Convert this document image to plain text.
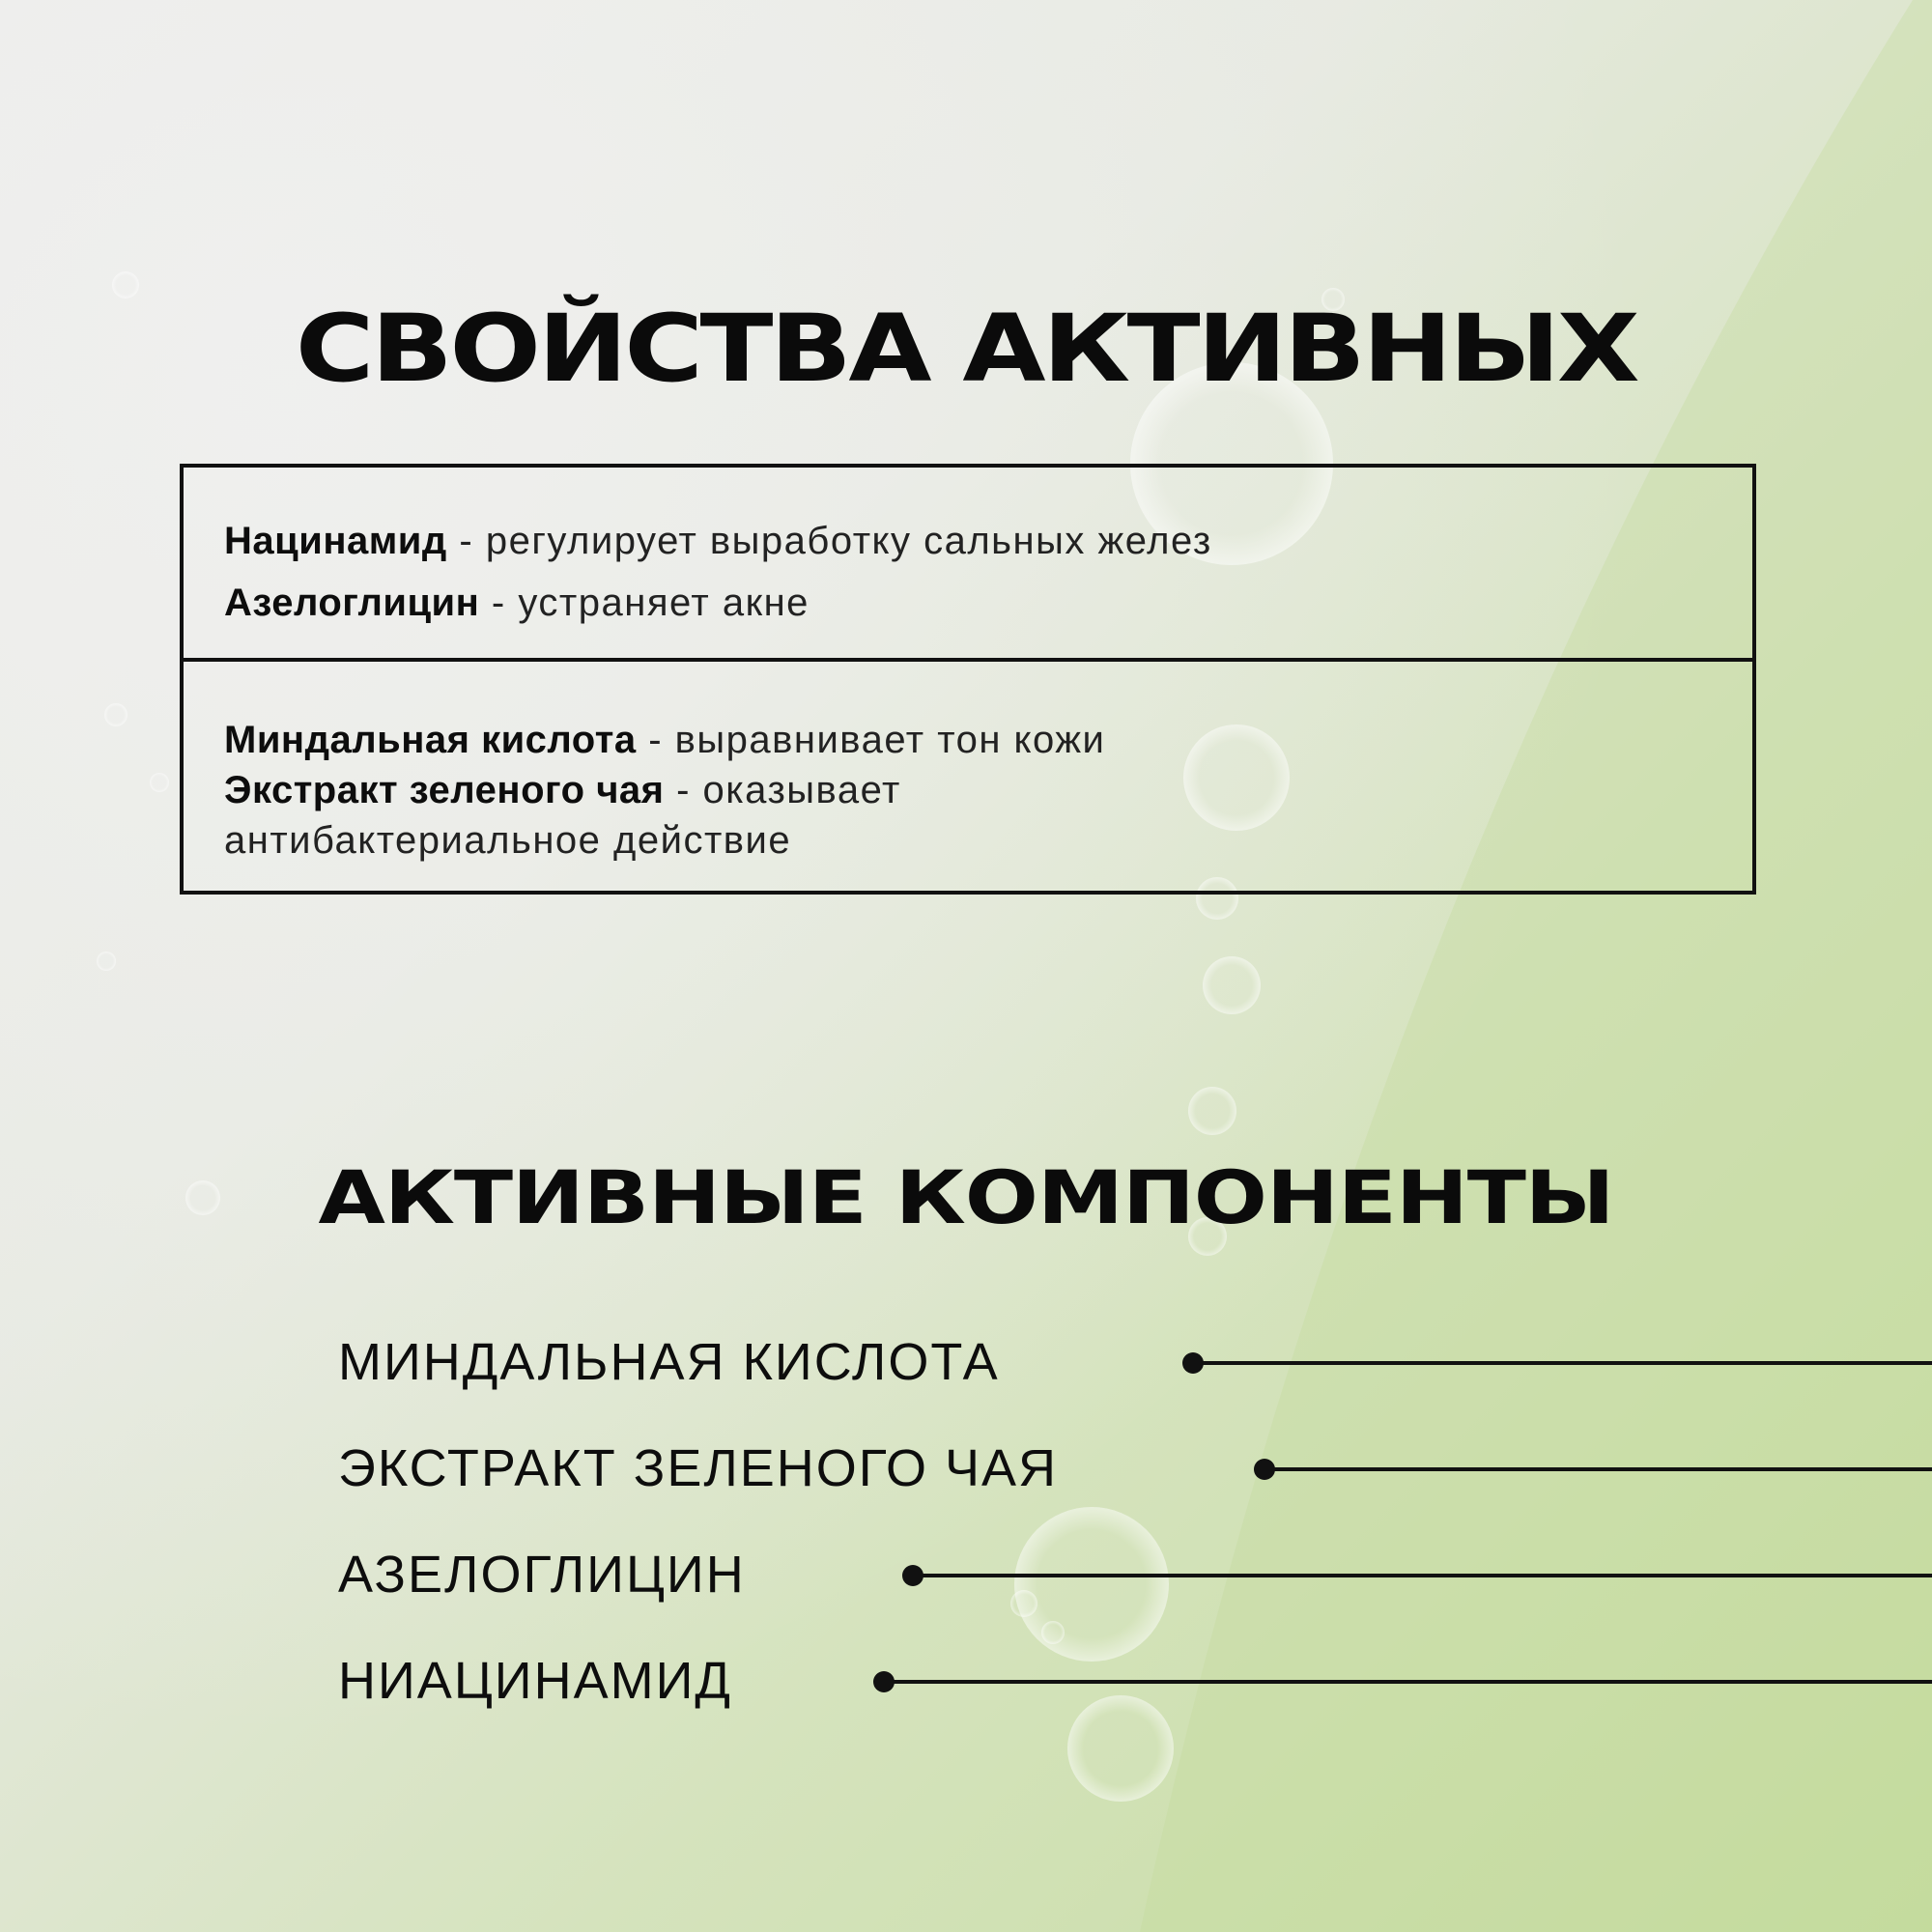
СВОЙСТВА АКТИВНЫХ
Нацинамид - регулирует выработку сальных желез
Азелоглицин - устраняет акне
Миндальная кислота - выравнивает тон кожи
Экстракт зеленого чая - оказывает
антибактериальное действие
АКТИВНЫЕ КОМПОНЕНТЫ
МИНДАЛЬНАЯ КИСЛОТА
ЭКСТРАКТ ЗЕЛЕНОГО ЧАЯ
АЗЕЛОГЛИЦИН
НИАЦИНАМИД
